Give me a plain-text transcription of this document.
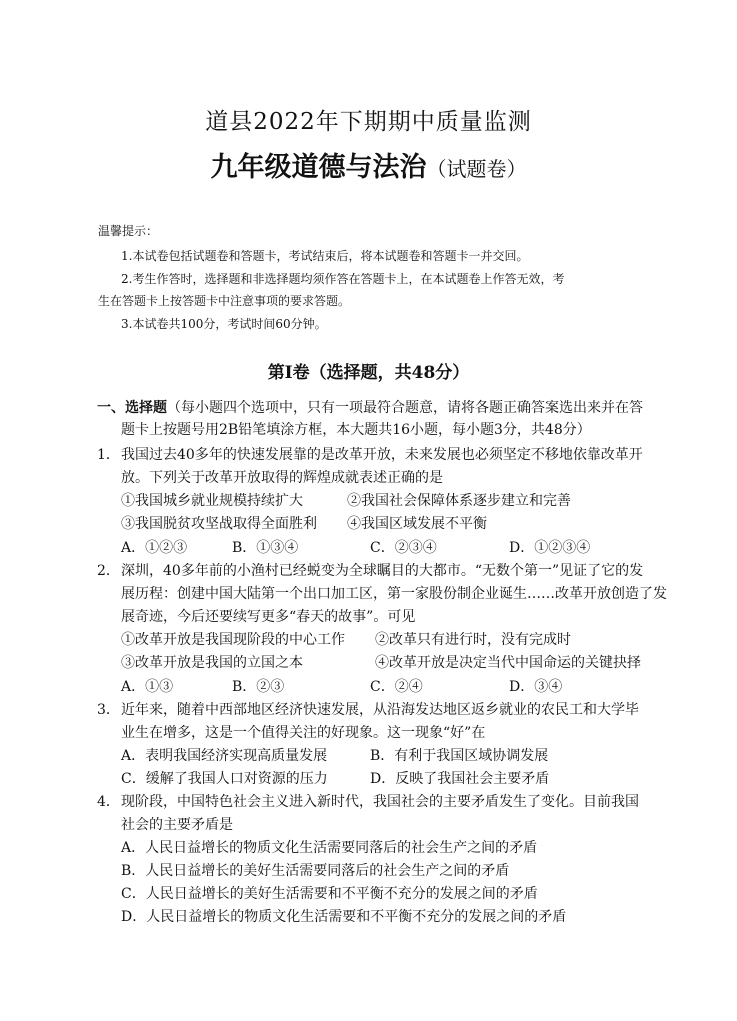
道县2022年下期期中质量监测
九年级道德与法治（试题卷）
温馨提示：
1.本试卷包括试题卷和答题卡，考试结束后，将本试题卷和答题卡一并交回。
2.考生作答时，选择题和非选择题均须作答在答题卡上，在本试题卷上作答无效，考
生在答题卡上按答题卡中注意事项的要求答题。
3.本试卷共100分，考试时间60分钟。
第Ⅰ卷（选择题，共48分）
一、选择题（每小题四个选项中，只有一项最符合题意，请将各题正确答案选出来并在答
题卡上按题号用2B铅笔填涂方框，本大题共16小题，每小题3分，共48分）
1． 我国过去40多年的快速发展靠的是改革开放，未来发展也必须坚定不移地依靠改革开
放。下列关于改革开放取得的辉煌成就表述正确的是
①我国城乡就业规模持续扩大	②我国社会保障体系逐步建立和完善
③我国脱贫攻坚战取得全面胜利 ④我国区域发展不平衡
A．①②③	B．①③④	C．②③④	D．①②③④
2． 深圳，40多年前的小渔村已经蜕变为全球瞩目的大都市。“无数个第一”见证了它的发
展历程：创建中国大陆第一个出口加工区，第一家股份制企业诞生……改革开放创造了发
展奇迹，今后还要续写更多“春天的故事”。可见
①改革开放是我国现阶段的中心工作 ②改革只有进行时，没有完成时
③改革开放是我国的立国之本	④改革开放是决定当代中国命运的关键抉择
A．①③	B．②③	C．②④	D．③④
3． 近年来，随着中西部地区经济快速发展，从沿海发达地区返乡就业的农民工和大学毕
业生在增多，这是一个值得关注的好现象。这一现象“好”在
A．表明我国经济实现高质量发展	B．有利于我国区域协调发展
C．缓解了我国人口对资源的压力	D．反映了我国社会主要矛盾
4． 现阶段，中国特色社会主义进入新时代，我国社会的主要矛盾发生了变化。目前我国
社会的主要矛盾是
A．人民日益增长的物质文化生活需要同落后的社会生产之间的矛盾
B．人民日益增长的美好生活需要同落后的社会生产之间的矛盾
C．人民日益增长的美好生活需要和不平衡不充分的发展之间的矛盾
D．人民日益增长的物质文化生活需要和不平衡不充分的发展之间的矛盾
